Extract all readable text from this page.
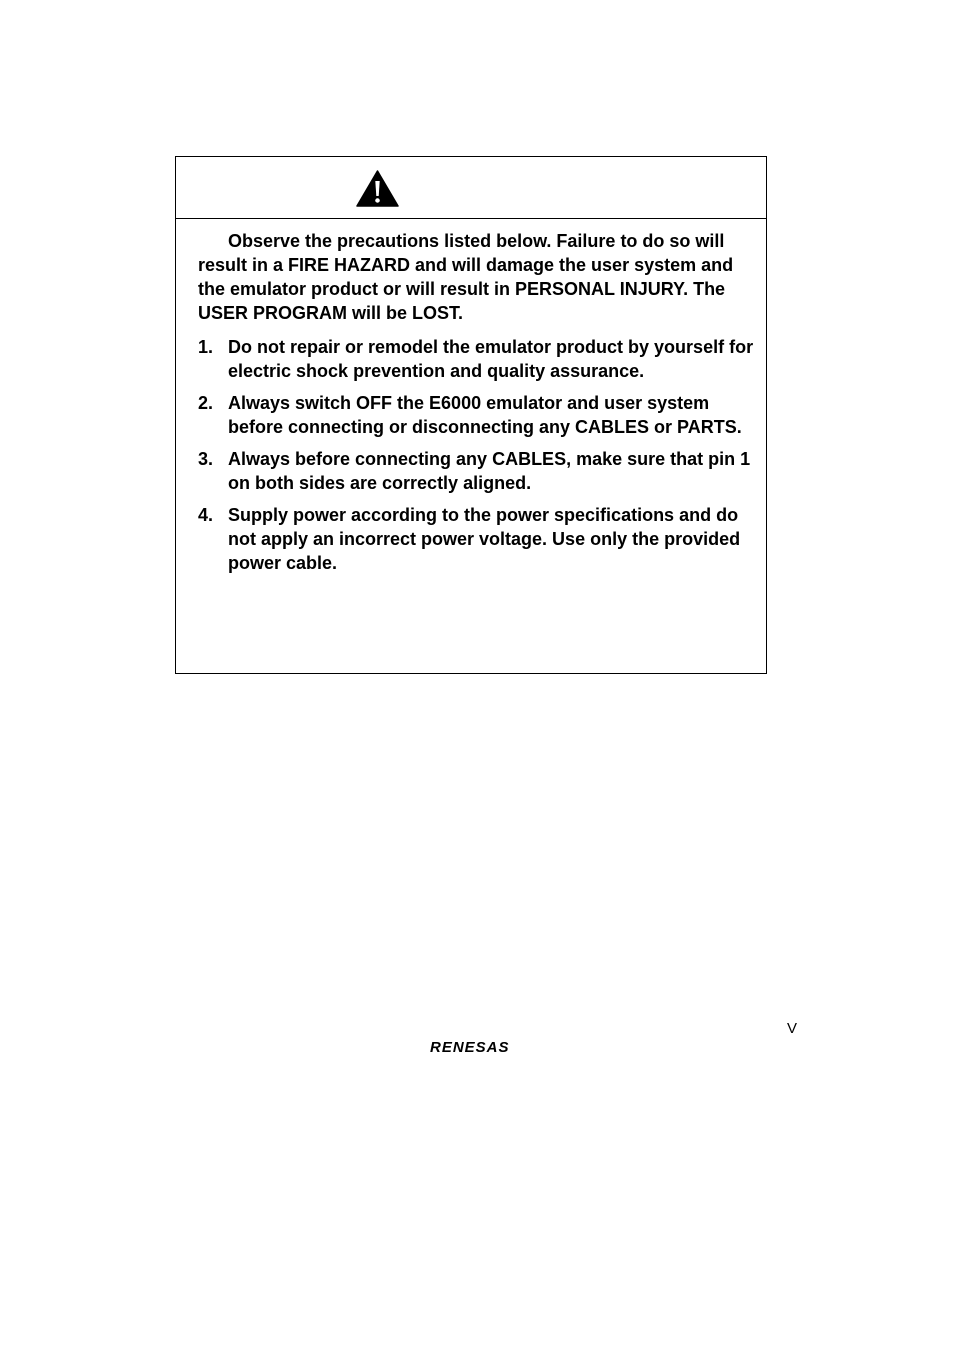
Observe the precautions listed below. Failure to do so will result in a FIRE HAZARD and will damage the user system and the emulator product or will result in PERSONAL INJURY. The USER PROGRAM will be LOST.

1. Do not repair or remodel the emulator product by yourself for electric shock prevention and quality assurance.
2. Always switch OFF the E6000 emulator and user system before connecting or disconnecting any CABLES or PARTS.
3. Always before connecting any CABLES, make sure that pin 1 on both sides are correctly aligned.
4. Supply power according to the power specifications and do not apply an incorrect power voltage. Use only the provided power cable.
V
RENESAS
